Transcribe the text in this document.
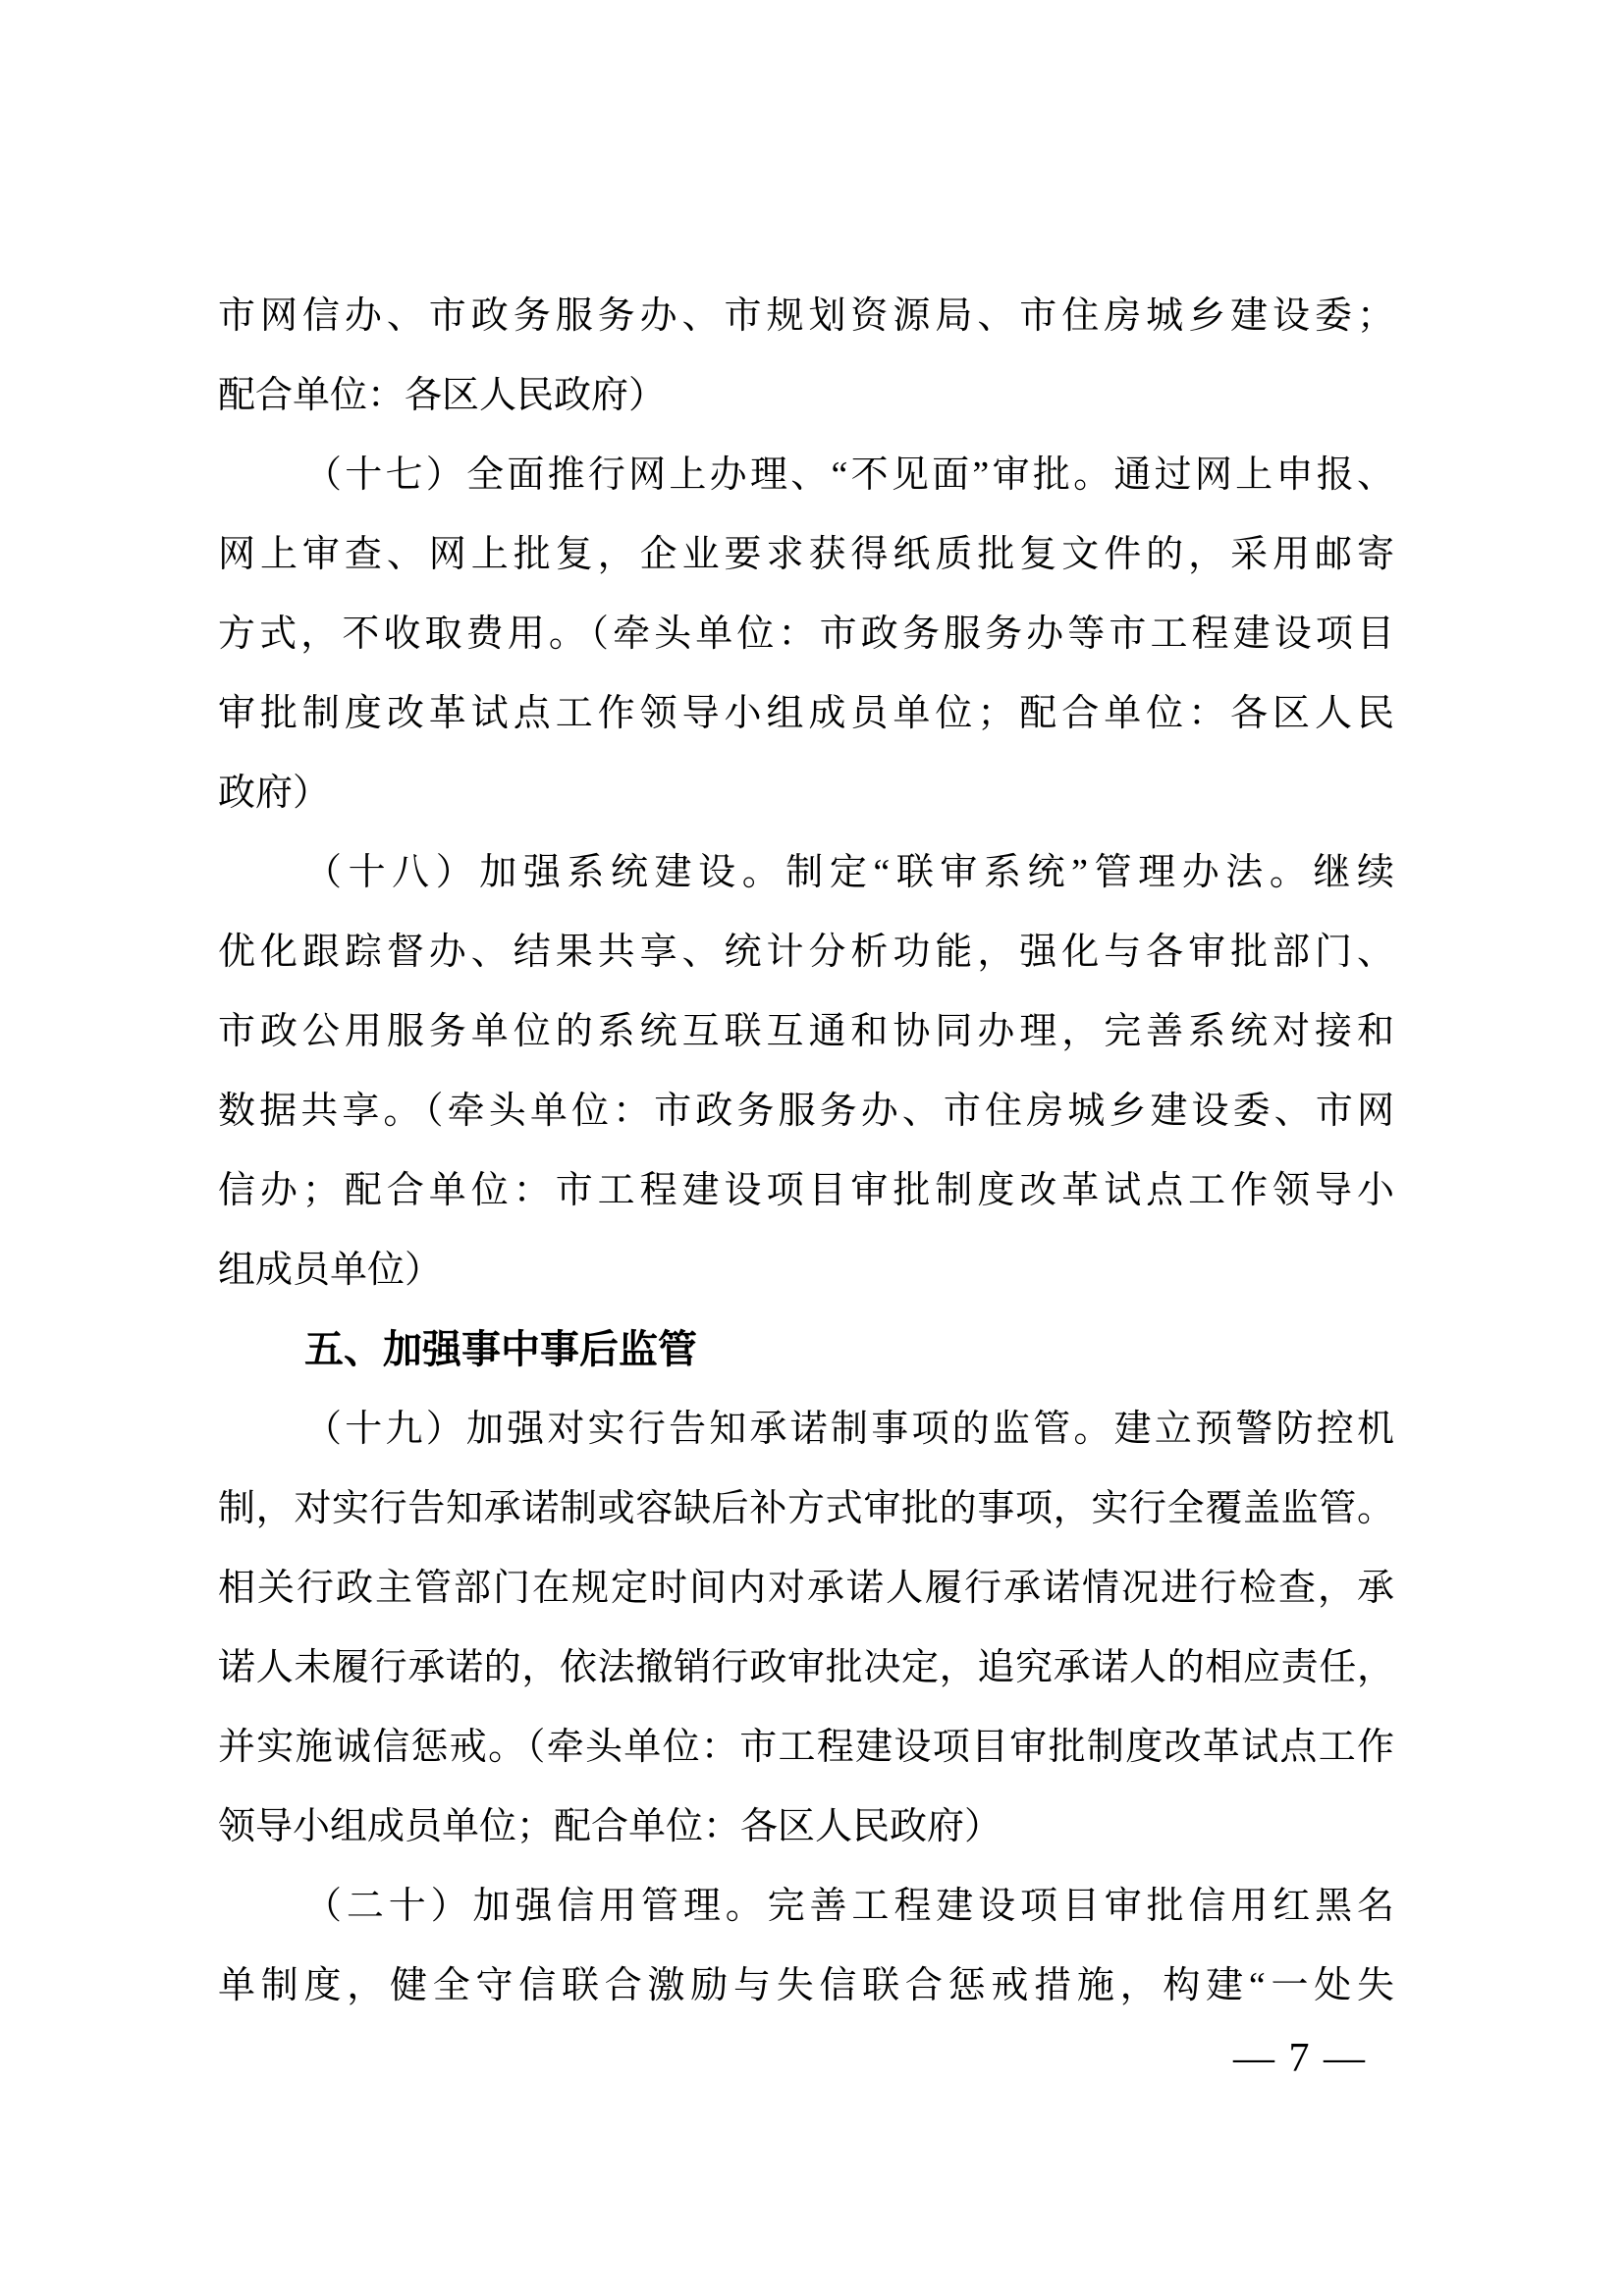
市网信办、市政务服务办、市规划资源局、市住房城乡建设委；
配合单位：各区人民政府）
（十七）全面推行网上办理、“不见面”审批。通过网上申报、
网上审查、网上批复，企业要求获得纸质批复文件的，采用邮寄
方式，不收取费用。（牵头单位：市政务服务办等市工程建设项目
审批制度改革试点工作领导小组成员单位；配合单位：各区人民
政府）
（十八）加强系统建设。制定“联审系统”管理办法。继续
优化跟踪督办、结果共享、统计分析功能，强化与各审批部门、
市政公用服务单位的系统互联互通和协同办理，完善系统对接和
数据共享。（牵头单位：市政务服务办、市住房城乡建设委、市网
信办；配合单位：市工程建设项目审批制度改革试点工作领导小
组成员单位）
五、加强事中事后监管
（十九）加强对实行告知承诺制事项的监管。建立预警防控机
制，对实行告知承诺制或容缺后补方式审批的事项，实行全覆盖监管。
相关行政主管部门在规定时间内对承诺人履行承诺情况进行检查，承
诺人未履行承诺的，依法撤销行政审批决定，追究承诺人的相应责任，
并实施诚信惩戒。（牵头单位：市工程建设项目审批制度改革试点工作
领导小组成员单位；配合单位：各区人民政府）
（二十）加强信用管理。完善工程建设项目审批信用红黑名
单制度，健全守信联合激励与失信联合惩戒措施，构建“一处失
— 7 —
